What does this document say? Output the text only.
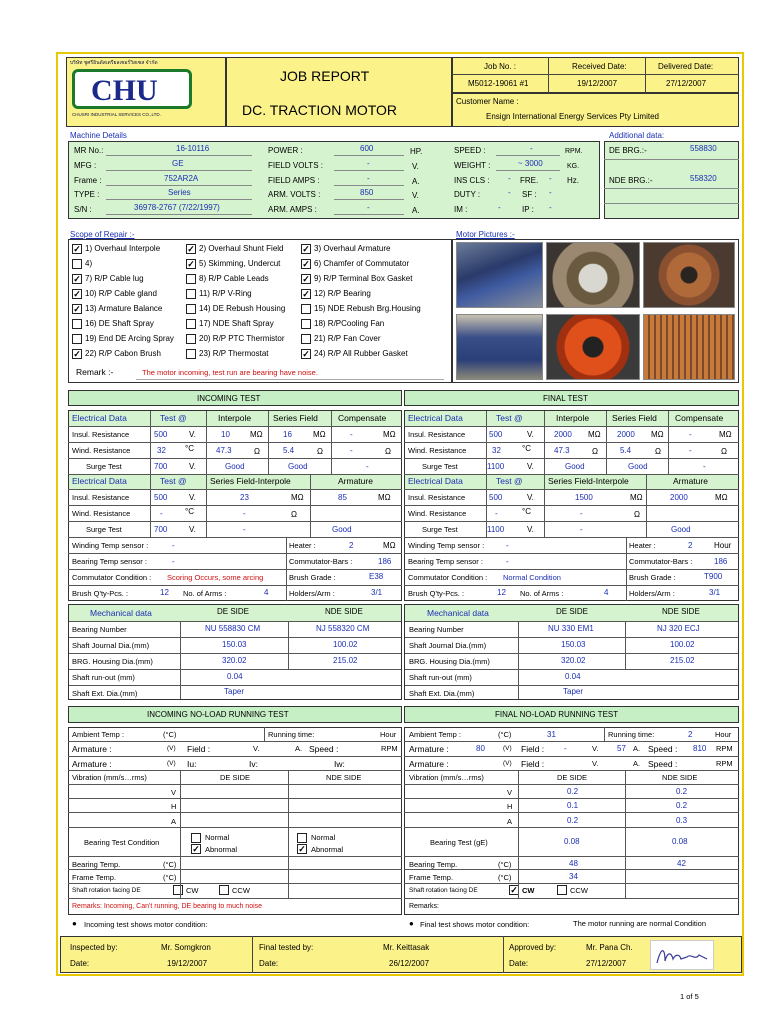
บริษัท ชูศรีอินดัสเตรียลเซอร์วิสเซส จำกัด
CHU
CHUSRI INDUSTRIAL SERVICES CO.,LTD.
JOB REPORT
DC. TRACTION MOTOR
Job No. :
M5012-19061 #1
Received Date:
19/12/2007
Delivered Date:
27/12/2007
Customer Name :
Ensign International Energy Services Pty Limited
Machine Details	Additional data:
MR No.:	16-10116
MFG :	GE
Frame :	752AR2A
TYPE :	Series
S/N :	36978-2767 (7/22/1997)
POWER :	600	HP.
FIELD VOLTS :	-	V.
FIELD AMPS :	-	A.
ARM. VOLTS :	850	V.
ARM. AMPS :	-	A.
SPEED :	-	RPM.
WEIGHT :	~ 3000	KG.
INS CLS : - FRE. - Hz.
DUTY :	- SF : -
IM :	-	IP : -
DE BRG.:-	558830
NDE BRG.:-	558320
Scope of Repair :-
✓ 1) Overhaul Interpole	✓ 2) Overhaul Shunt Field ✓ 3) Overhaul Armature
4)	✓ 5) Skimming, Undercut ✓ 6) Chamfer of Commutator
✓ 7) R/P Cable lug	8) R/P Cable Leads	✓ 9) R/P Terminal Box Gasket
✓ 10) R/P Cable gland	11) R/P V-Ring	✓ 12) R/P Bearing
✓ 13) Armature Balance	14) DE Rebush Housing	15) NDE Rebush Brg.Housing
16) DE Shaft Spray	17) NDE Shaft Spray	18) R/PCooling Fan
19) End DE Arcing Spray	20) R/P PTC Thermistor	21) R/P Fan Cover
✓ 22) R/P Cabon Brush	23) R/P Thermostat	✓ 24) R/P All Rubber Gasket
Remark :-	The motor incoming, test run are bearing have noise.
Motor Pictures :-
INCOMING TEST	FINAL TEST
Electrical Data	Test @	Interpole	Series Field Compensate
Insul. Resistance	500	V.	10	MΩ	16	MΩ	-	MΩ
Wind. Resistance	32 °C	47.3	Ω	5.4	Ω	-	Ω
Surge Test	700	V.	Good	Good	-
Electrical Data	Test @	Series Field-Interpole	Armature
Insul. Resistance	500	V.	23	MΩ	85	MΩ
Wind. Resistance	-	°C	-	Ω
Surge Test	700	V.	-	Good
Winding Temp sensor :	-	Heater :	2	MΩ
Bearing Temp sensor :	-	Commutator-Bars :	186
Commutator Condition : Scoring Occurs, some arcing	Brush Grade :	E38
Brush Q'ty-Pcs. :	12 No. of Arms :	4	Holders/Arm :	3/1
Electrical Data	Test @	Interpole	Series Field Compensate
Insul. Resistance	500	V.	2000 MΩ 2000 MΩ	-	MΩ
Wind. Resistance	32	°C	47.3	Ω	5.4	Ω	-	Ω
Surge Test	1100	V.	Good	Good	-
Electrical Data	Test @	Series Field-Interpole	Armature
Insul. Resistance	500	V.	1500	MΩ	2000	MΩ
Wind. Resistance	-	°C	-	Ω
Surge Test	1100	V.	-	Good
Winding Temp sensor :	-	Heater :	2	Hour
Bearing Temp sensor :	-	Commutator-Bars :	186
Commutator Condition : Normal Condition	Brush Grade :	T900
Brush Q'ty-Pcs. :	12 No. of Arms :	4	Holders/Arm :	3/1
Mechanical data	DE SIDE	NDE SIDE	Mechanical data	DE SIDE	NDE SIDE
Bearing Number	NU 558830 CM	NJ 558320 CM
Shaft Journal Dia.(mm)	150.03	100.02
BRG. Housing Dia.(mm)	320.02	215.02
Shaft run-out (mm)	0.04
Shaft Ext. Dia.(mm)	Taper
Bearing Number	NU 330 EM1	NJ 320 ECJ
Shaft Journal Dia.(mm)	150.03	100.02
BRG. Housing Dia.(mm)	320.02	215.02
Shaft run-out (mm)	0.04
Shaft Ext. Dia.(mm)	Taper
INCOMING NO-LOAD RUNNING TEST	FINAL NO-LOAD RUNNING TEST
Ambient Temp :	(°C)	Running time:	Hour
Armature :	(V) Field :	V.	A. Speed :	RPM
Armature :	(V) Iu:	Iv:	Iw:
Vibration (mm/s…rms)	DE SIDE	NDE SIDE
V
H
A
Bearing Test Condition
Normal
✓ Abnormal
Normal
✓ Abnormal
Bearing Temp.	(°C)
Frame Temp.	(°C)
Shaft rotation facing DE	CW	CCW
Remarks: Incoming, Can't running, DE bearing to much noise
Ambient Temp :	(°C)	31	Running time:	2	Hour
Armature :	80	(V) Field : -	V. 57 A. Speed : 810 RPM
Armature :	(V) Field :	V.	A. Speed :	RPM
Vibration (mm/s…rms)	DE SIDE	NDE SIDE
V	0.2	0.2
H	0.1	0.2
A	0.2	0.3
Bearing Test (gE)	0.08	0.08
Bearing Temp.	(°C)	48	42
Frame Temp.	(°C)	34
Shaft rotation facing DE	✓ CW	CCW
Remarks:
● Incoming test shows motor condition:	● Final test shows motor condition:	The motor running are normal Condition
Inspected by:	Mr. Somgkron
Date:	19/12/2007
Final tested by:	Mr. Keittasak
Date:	26/12/2007
Approved by:	Mr. Pana Ch.
Date:	27/12/2007
1 of 5
